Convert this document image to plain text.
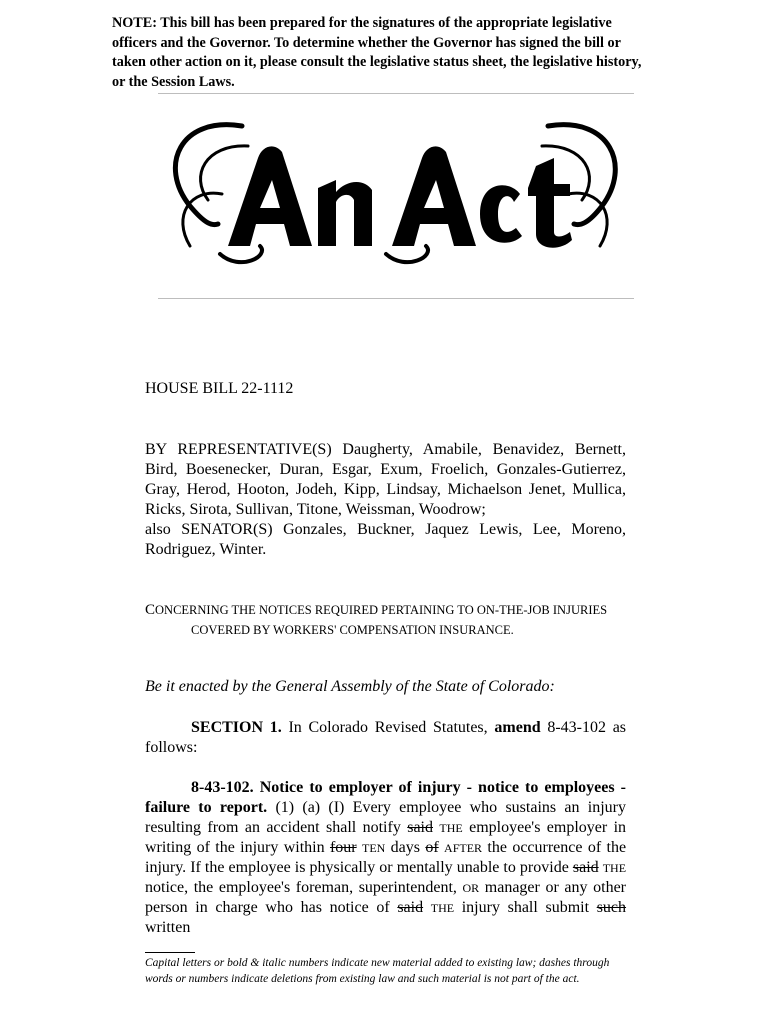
NOTE: This bill has been prepared for the signatures of the appropriate legislative officers and the Governor. To determine whether the Governor has signed the bill or taken other action on it, please consult the legislative status sheet, the legislative history, or the Session Laws.
HOUSE BILL 22-1112

BY REPRESENTATIVE(S) Daugherty, Amabile, Benavidez, Bernett, Bird, Boesenecker, Duran, Esgar, Exum, Froelich, Gonzales-Gutierrez, Gray, Herod, Hooton, Jodeh, Kipp, Lindsay, Michaelson Jenet, Mullica, Ricks, Sirota, Sullivan, Titone, Weissman, Woodrow;

also SENATOR(S) Gonzales, Buckner, Jaquez Lewis, Lee, Moreno, Rodriguez, Winter.

CONCERNING THE NOTICES REQUIRED PERTAINING TO ON-THE-JOB INJURIES
COVERED BY WORKERS' COMPENSATION INSURANCE.
Be it enacted by the General Assembly of the State of Colorado:
SECTION 1. In Colorado Revised Statutes, amend 8-43-102 as follows:
8-43-102. Notice to employer of injury - notice to employees - failure to report. (1) (a) (I) Every employee who sustains an injury resulting from an accident shall notify said THE employee's employer in writing of the injury within four TEN days of AFTER the occurrence of the injury. If the employee is physically or mentally unable to provide said THE notice, the employee's foreman, superintendent, OR manager or any other person in charge who has notice of said THE injury shall submit such written
Capital letters or bold & italic numbers indicate new material added to existing law; dashes through words or numbers indicate deletions from existing law and such material is not part of the act.
